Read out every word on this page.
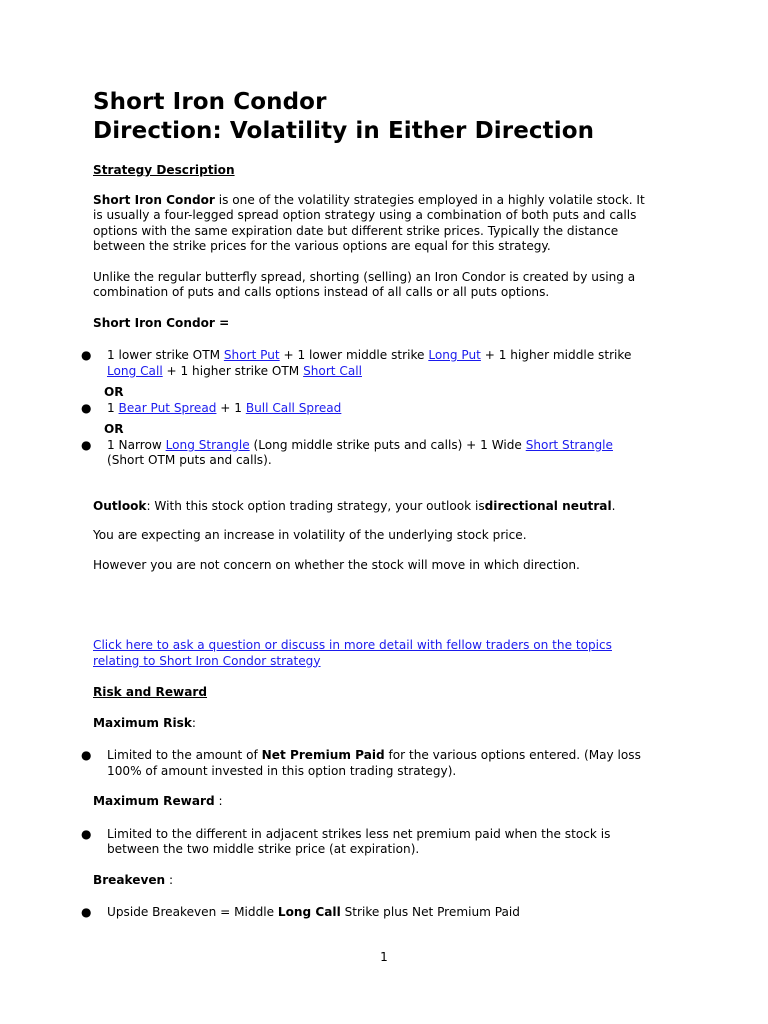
Short Iron Condor
Direction: Volatility in Either Direction
Strategy Description

Short Iron Condor is one of the volatility strategies employed in a highly volatile stock. It is usually a four-legged spread option strategy using a combination of both puts and calls options with the same expiration date but different strike prices. Typically the distance between the strike prices for the various options are equal for this strategy.

Unlike the regular butterfly spread, shorting (selling) an Iron Condor is created by using a combination of puts and calls options instead of all calls or all puts options.

Short Iron Condor =

● 1 lower strike OTM Short Put + 1 lower middle strike Long Put + 1 higher middle strike Long Call + 1 higher strike OTM Short Call
OR
● 1 Bear Put Spread + 1 Bull Call Spread
OR
● 1 Narrow Long Strangle (Long middle strike puts and calls) + 1 Wide Short Strangle (Short OTM puts and calls).

Outlook: With this stock option trading strategy, your outlook isdirectional neutral.

You are expecting an increase in volatility of the underlying stock price.

However you are not concern on whether the stock will move in which direction.

Click here to ask a question or discuss in more detail with fellow traders on the topics relating to Short Iron Condor strategy

Risk and Reward

Maximum Risk:

● Limited to the amount of Net Premium Paid for the various options entered. (May loss 100% of amount invested in this option trading strategy).

Maximum Reward :

● Limited to the different in adjacent strikes less net premium paid when the stock is between the two middle strike price (at expiration).

Breakeven :

● Upside Breakeven = Middle Long Call Strike plus Net Premium Paid
1
